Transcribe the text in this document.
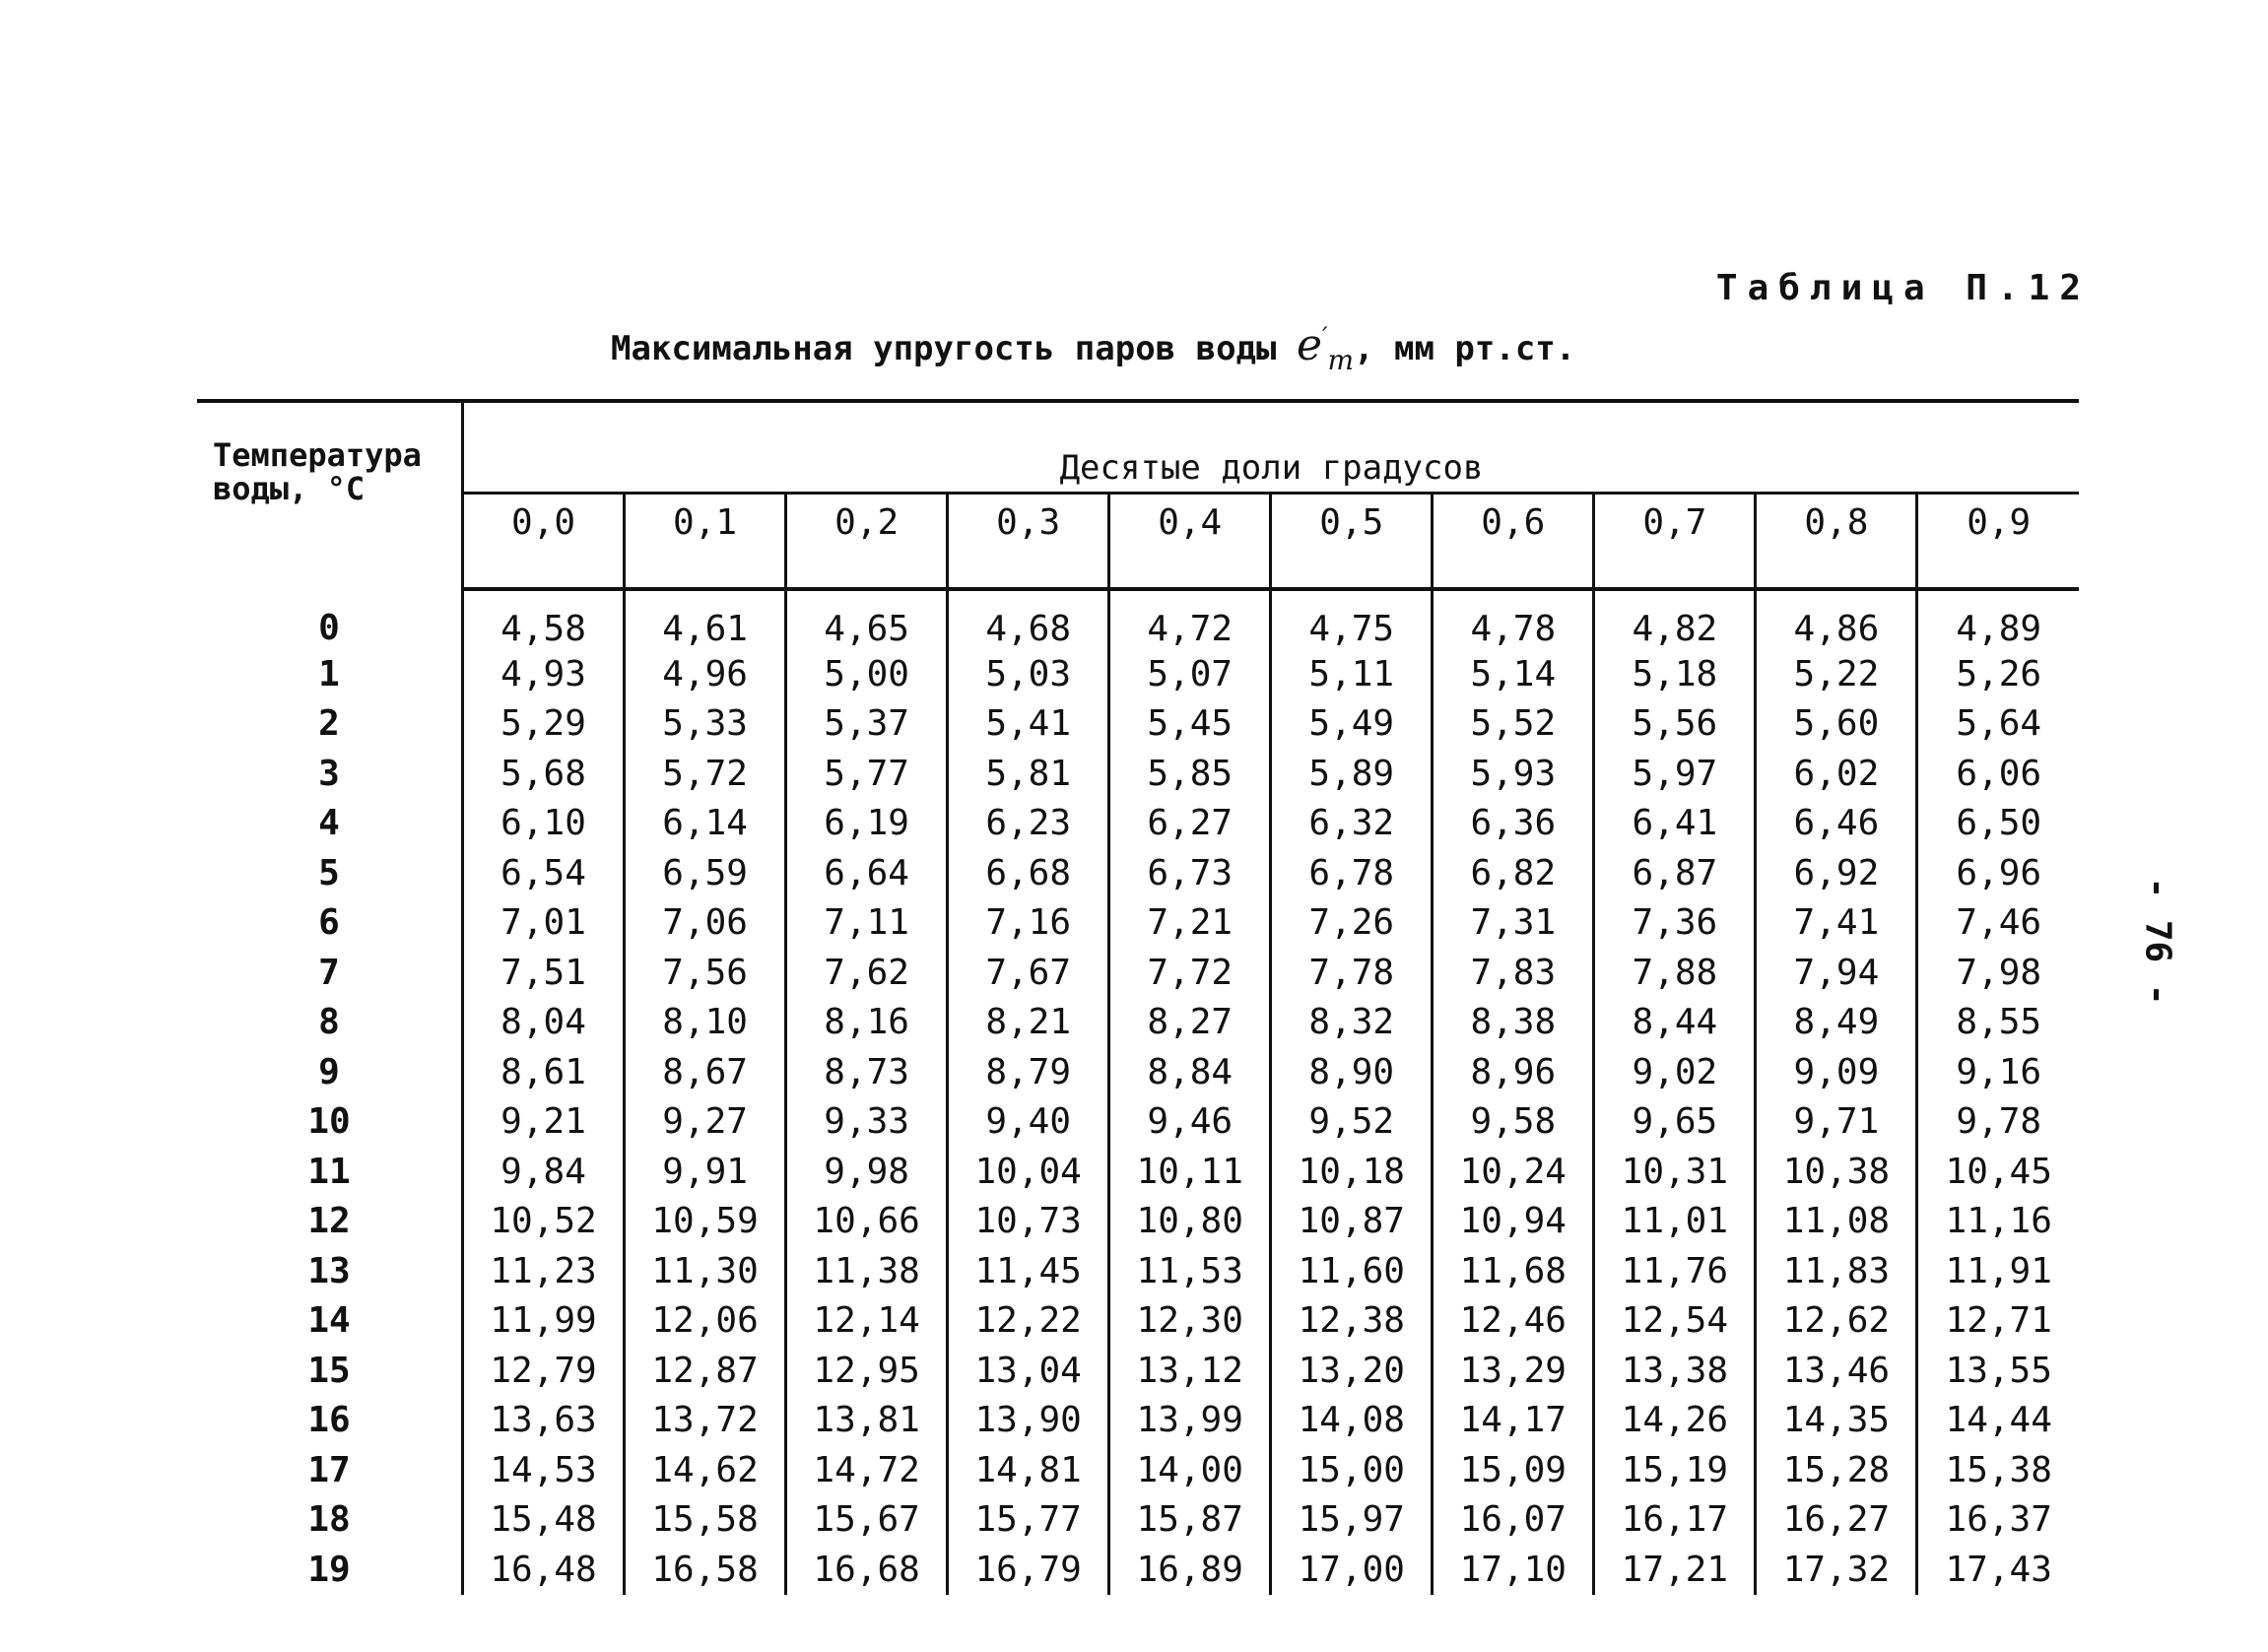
Таблица П.12
Максимальная упругость паров воды $e'_m$, мм рт.ст.
- 76 -
Температура
воды, °С	Десятые доли градусов									
	0,0	0,1	0,2	0,3	0,4	0,5	0,6	0,7	0,8	0,9
0	4,58	4,61	4,65	4,68	4,72	4,75	4,78	4,82	4,86	4,89
1	4,93	4,96	5,00	5,03	5,07	5,11	5,14	5,18	5,22	5,26
2	5,29	5,33	5,37	5,41	5,45	5,49	5,52	5,56	5,60	5,64
3	5,68	5,72	5,77	5,81	5,85	5,89	5,93	5,97	6,02	6,06
4	6,10	6,14	6,19	6,23	6,27	6,32	6,36	6,41	6,46	6,50
5	6,54	6,59	6,64	6,68	6,73	6,78	6,82	6,87	6,92	6,96
6	7,01	7,06	7,11	7,16	7,21	7,26	7,31	7,36	7,41	7,46
7	7,51	7,56	7,62	7,67	7,72	7,78	7,83	7,88	7,94	7,98
8	8,04	8,10	8,16	8,21	8,27	8,32	8,38	8,44	8,49	8,55
9	8,61	8,67	8,73	8,79	8,84	8,90	8,96	9,02	9,09	9,16
10	9,21	9,27	9,33	9,40	9,46	9,52	9,58	9,65	9,71	9,78
11	9,84	9,91	9,98	10,04	10,11	10,18	10,24	10,31	10,38	10,45
12	10,52	10,59	10,66	10,73	10,80	10,87	10,94	11,01	11,08	11,16
13	11,23	11,30	11,38	11,45	11,53	11,60	11,68	11,76	11,83	11,91
14	11,99	12,06	12,14	12,22	12,30	12,38	12,46	12,54	12,62	12,71
15	12,79	12,87	12,95	13,04	13,12	13,20	13,29	13,38	13,46	13,55
16	13,63	13,72	13,81	13,90	13,99	14,08	14,17	14,26	14,35	14,44
17	14,53	14,62	14,72	14,81	14,00	15,00	15,09	15,19	15,28	15,38
18	15,48	15,58	15,67	15,77	15,87	15,97	16,07	16,17	16,27	16,37
19	16,48	16,58	16,68	16,79	16,89	17,00	17,10	17,21	17,32	17,43
